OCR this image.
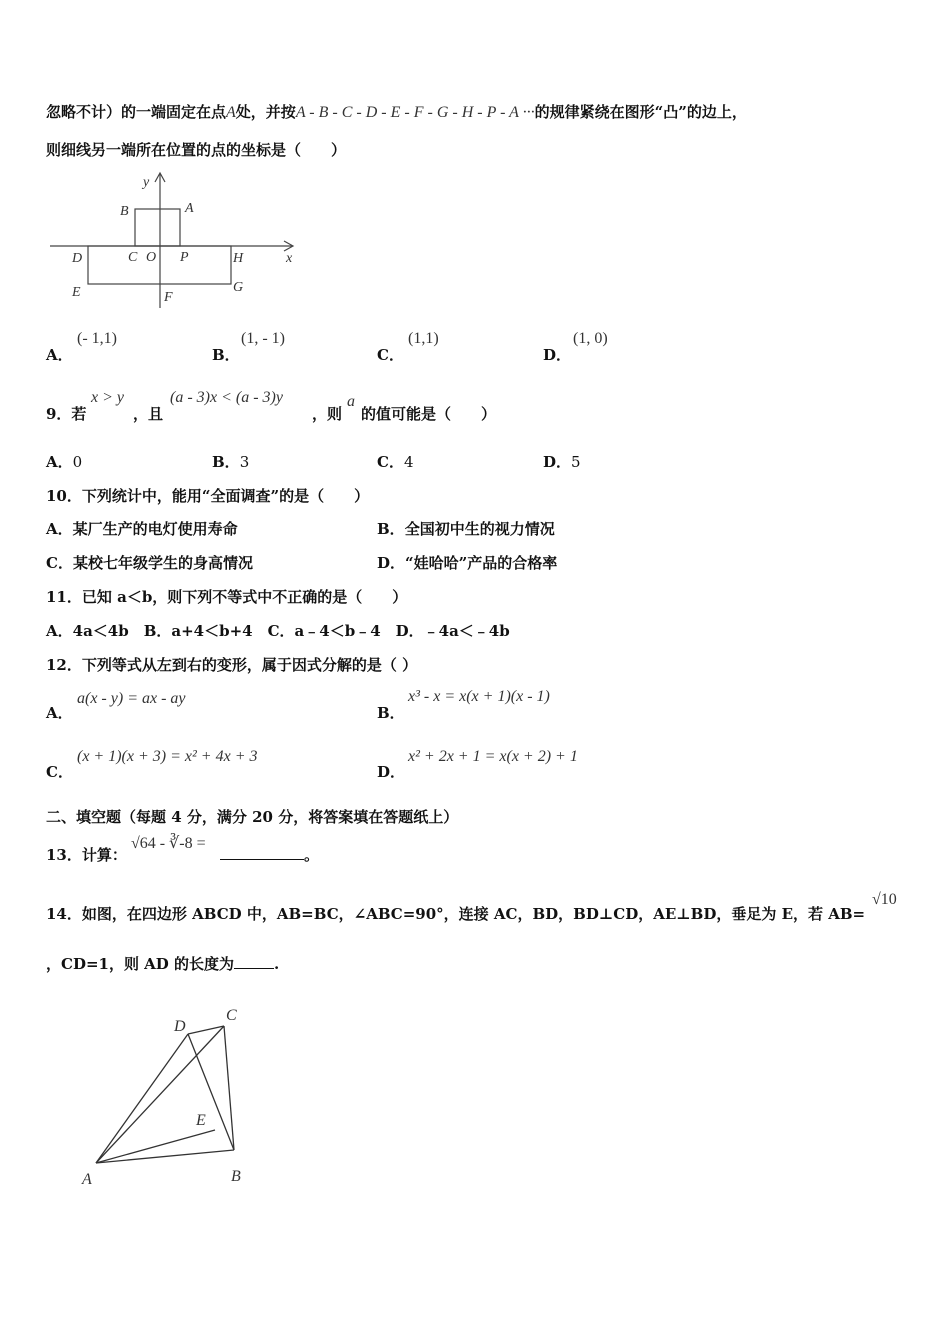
忽略不计）的一端固定在点A处，并按A - B - C - D - E - F - G - H - P - A ···的规律紧绕在图形“凸”的边上，
则细线另一端所在位置的点的坐标是（　　）
y
x
B	A
D	C O P	H
E	F
G
A．
(- 1,1)
B．
(1, - 1)
C．
(1,1)
D．
(1, 0)
9．若
x > y
，且
(a - 3)x < (a - 3)y
，则
a
的值可能是（　　）
A．0	B．3	C．4	D．5
10．下列统计中，能用“全面调查”的是（　　）
A．某厂生产的电灯使用寿命	B．全国初中生的视力情况
C．某校七年级学生的身高情况	D．“娃哈哈”产品的合格率
11．已知 a＜b，则下列不等式中不正确的是（　　）
A．4a＜4b　B．a+4＜b+4　C．a﹣4＜b﹣4　D．﹣4a＜﹣4b
12．下列等式从左到右的变形，属于因式分解的是（ ）
A．
a(x - y) = ax - ay
B．
x³ - x = x(x + 1)(x - 1)
C．
(x + 1)(x + 3) = x² + 4x + 3
D．
x² + 2x + 1 = x(x + 2) + 1
二、填空题（每题 4 分，满分 20 分，将答案填在答题纸上）
13．计算：
√64 - ∛-8 =
。
14．如图，在四边形 ABCD 中，AB=BC，∠ABC=90°，连接 AC，BD，BD⊥CD，AE⊥BD，垂足为 E，若 AB=
√10
，CD=1，则 AD 的长度为	.
D
C
E
A	B
